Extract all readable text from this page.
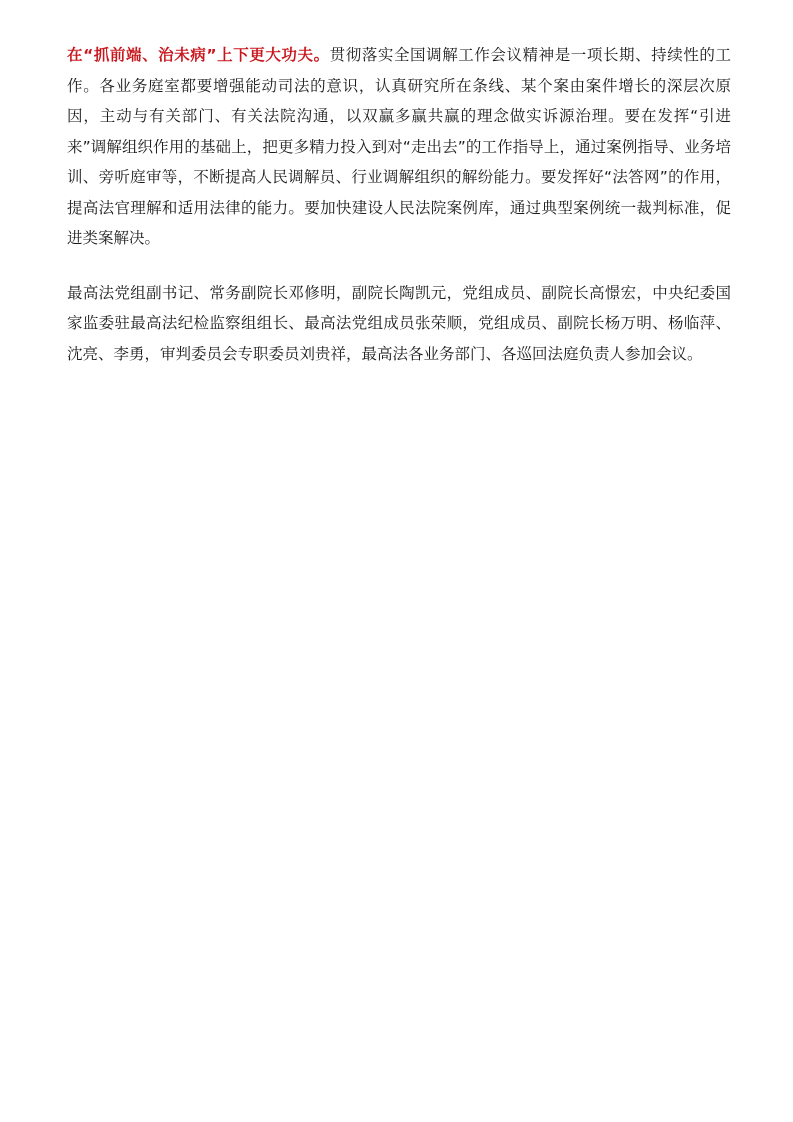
在“抓前端、治未病”上下更大功夫。贯彻落实全国调解工作会议精神是一项长期、持续性的工作。各业务庭室都要增强能动司法的意识，认真研究所在条线、某个案由案件增长的深层次原因，主动与有关部门、有关法院沟通，以双赢多赢共赢的理念做实诉源治理。要在发挥“引进来”调解组织作用的基础上，把更多精力投入到对“走出去”的工作指导上，通过案例指导、业务培训、旁听庭审等，不断提高人民调解员、行业调解组织的解纷能力。要发挥好“法答网”的作用，提高法官理解和适用法律的能力。要加快建设人民法院案例库，通过典型案例统一裁判标准，促进类案解决。

最高法党组副书记、常务副院长邓修明，副院长陶凯元，党组成员、副院长高憬宏，中央纪委国家监委驻最高法纪检监察组组长、最高法党组成员张荣顺，党组成员、副院长杨万明、杨临萍、沈亮、李勇，审判委员会专职委员刘贵祥，最高法各业务部门、各巡回法庭负责人参加会议。
